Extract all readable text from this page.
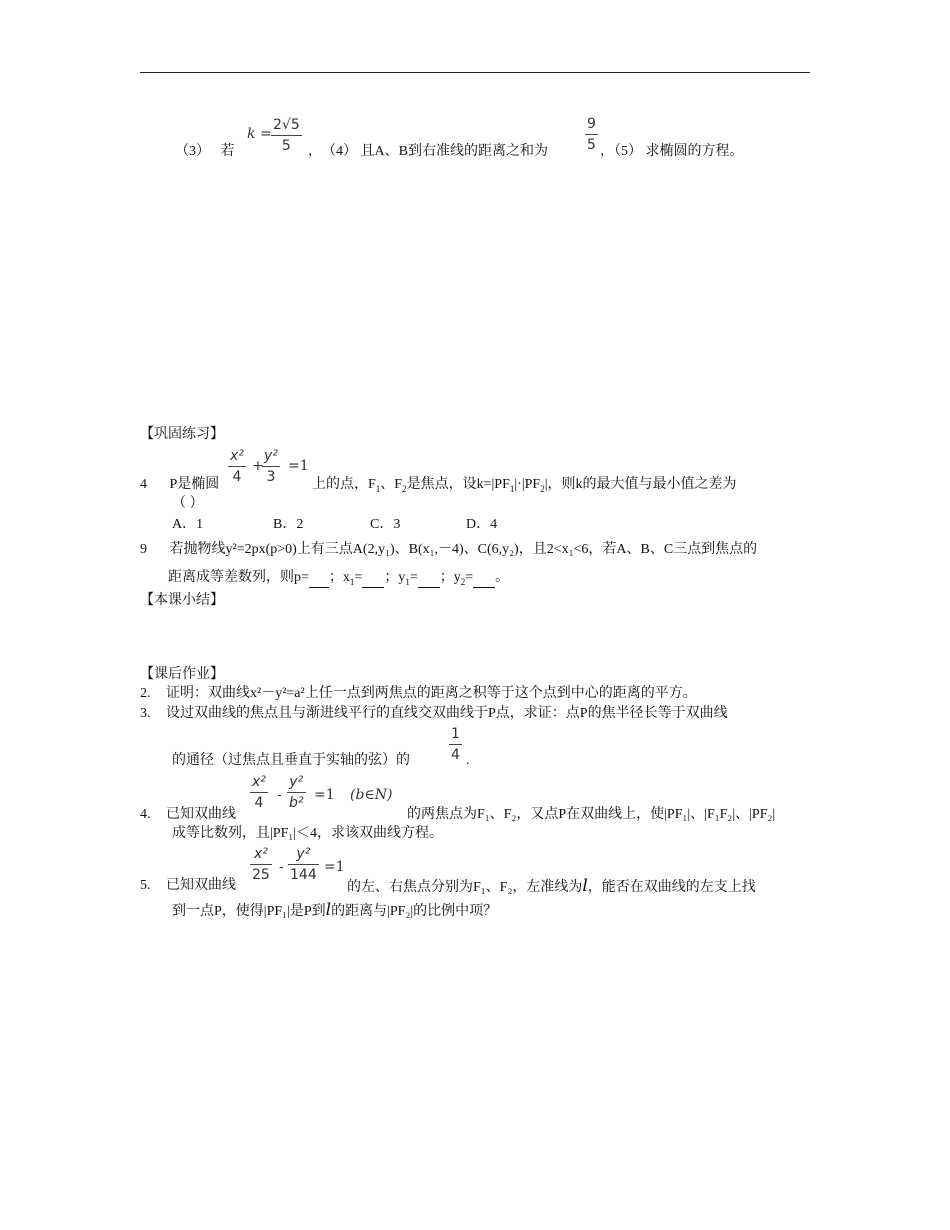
（3） 若
k =
2√5
5 ， （4） 且A、B到右准线的距离之和为
9
5 ，（5） 求椭圆的方程。
【巩固练习】
x²
4
+
y²
3
=1
4 P是椭圆	上的点，$F_1$、$F_2$是焦点，设$k=|PF_1|\cdot|PF_2|$，则k的最大值与最小值之差为
（ ）
A．1	B．2	C．3	D．4
9 若抛物线y²=2px(p>0)上有三点A(2,y₁)、B(x₁,－4)、C(6,y₂)，且2<x₁<6，若A、B、C三点到焦点的
距离成等差数列，则p= ；$x_1=$ ；$y_1=$ ；$y_2=$ 。
【本课小结】
【课后作业】
2. 证明：双曲线x²－y²=a²上任一点到两焦点的距离之积等于这个点到中心的距离的平方。
3. 设过双曲线的焦点且与渐进线平行的直线交双曲线于P点，求证：点P的焦半径长等于双曲线
的通径（过焦点且垂直于实轴的弦）的
1
4 .
x²
4 -
y²
b² =1 (b∈N)
4. 已知双曲线	的两焦点为F₁、F₂，又点P在双曲线上，使|PF₁|、|F₁F₂|、|PF₂|
成等比数列，且|PF₁|＜4，求该双曲线方程。
x²
25 -
y²
144 =1
5. 已知双曲线	的左、右焦点分别为F₁、F₂，左准线为l，能否在双曲线的左支上找
到一点P，使得|PF₁|是P到l的距离与|PF₂|的比例中项？
